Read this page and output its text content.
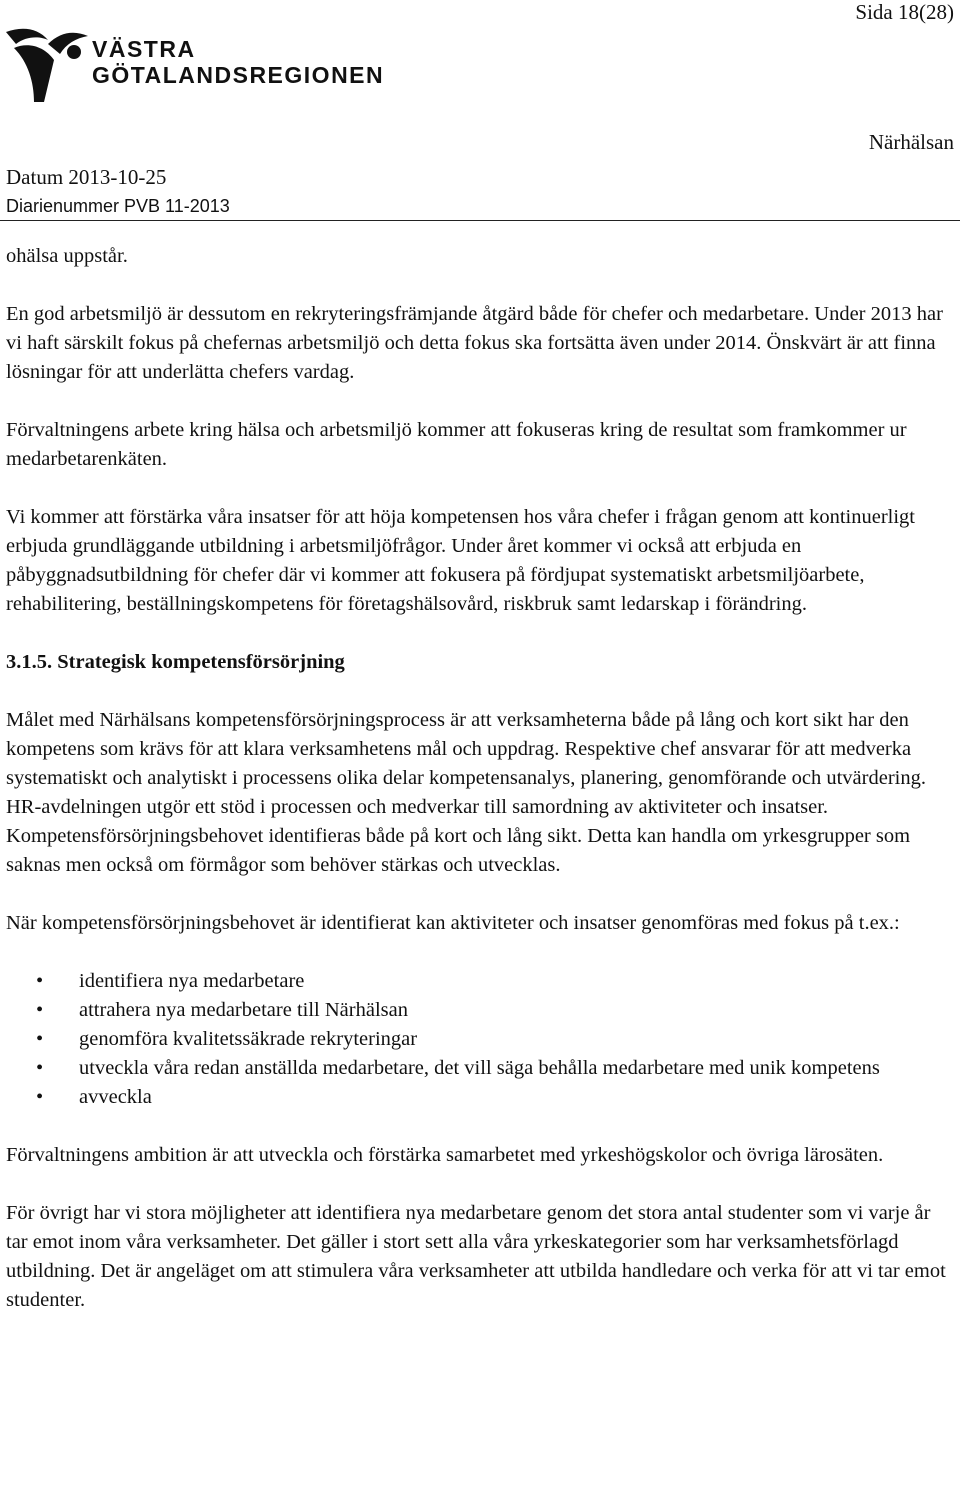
Sida 18(28)
VÄSTRA
GÖTALANDSREGIONEN
Närhälsan
Datum 2013-10-25
Diarienummer PVB 11-2013

ohälsa uppstår.

En god arbetsmiljö är dessutom en rekryteringsfrämjande åtgärd både för chefer och medarbetare. Under 2013 har vi haft särskilt fokus på chefernas arbetsmiljö och detta fokus ska fortsätta även under 2014. Önskvärt är att finna lösningar för att underlätta chefers vardag.

Förvaltningens arbete kring hälsa och arbetsmiljö kommer att fokuseras kring de resultat som framkommer ur medarbetarenkäten.

Vi kommer att förstärka våra insatser för att höja kompetensen hos våra chefer i frågan genom att kontinuerligt erbjuda grundläggande utbildning i arbetsmiljöfrågor. Under året kommer vi också att erbjuda en påbyggnadsutbildning för chefer där vi kommer att fokusera på fördjupat systematiskt arbetsmiljöarbete, rehabilitering, beställningskompetens för företagshälsovård, riskbruk samt ledarskap i förändring.

3.1.5. Strategisk kompetensförsörjning

Målet med Närhälsans kompetensförsörjningsprocess är att verksamheterna både på lång och kort sikt har den kompetens som krävs för att klara verksamhetens mål och uppdrag. Respektive chef ansvarar för att medverka systematiskt och analytiskt i processens olika delar kompetensanalys, planering, genomförande och utvärdering. HR-avdelningen utgör ett stöd i processen och medverkar till samordning av aktiviteter och insatser. Kompetensförsörjningsbehovet identifieras både på kort och lång sikt. Detta kan handla om yrkesgrupper som saknas men också om förmågor som behöver stärkas och utvecklas.

När kompetensförsörjningsbehovet är identifierat kan aktiviteter och insatser genomföras med fokus på t.ex.:

• identifiera nya medarbetare
• attrahera nya medarbetare till Närhälsan
• genomföra kvalitetssäkrade rekryteringar
• utveckla våra redan anställda medarbetare, det vill säga behålla medarbetare med unik kompetens
• avveckla

Förvaltningens ambition är att utveckla och förstärka samarbetet med yrkeshögskolor och övriga lärosäten.

För övrigt har vi stora möjligheter att identifiera nya medarbetare genom det stora antal studenter som vi varje år tar emot inom våra verksamheter. Det gäller i stort sett alla våra yrkeskategorier som har verksamhetsförlagd utbildning. Det är angeläget om att stimulera våra verksamheter att utbilda handledare och verka för att vi tar emot studenter.
